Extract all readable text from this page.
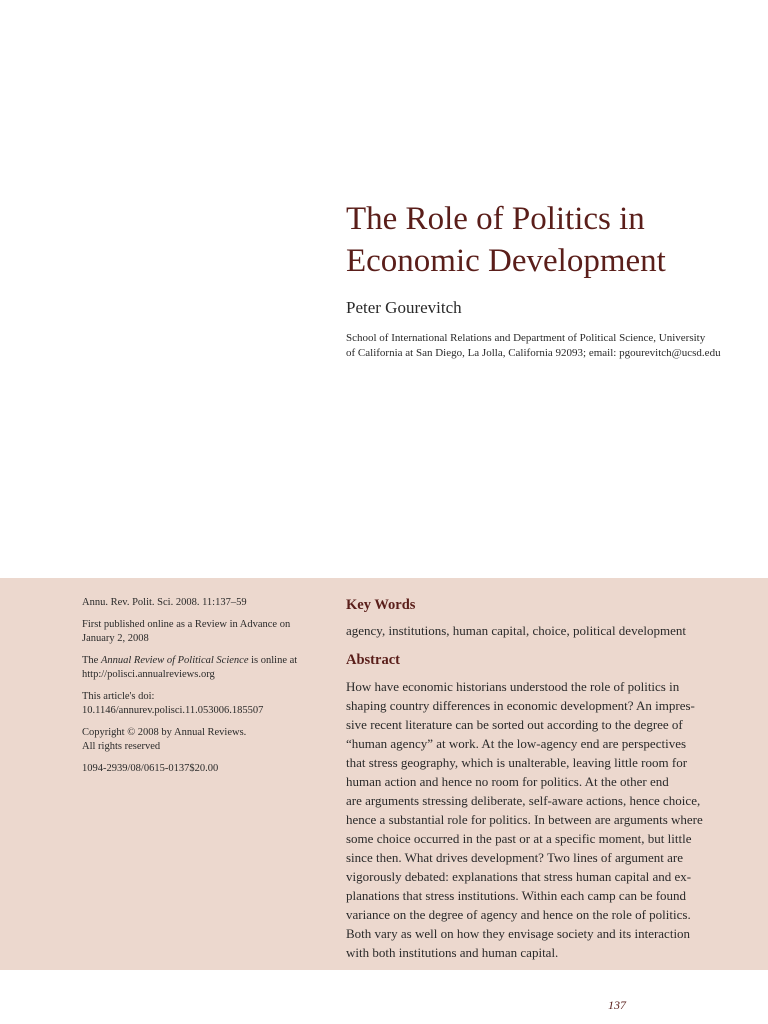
The Role of Politics in
Economic Development

Peter Gourevitch

School of International Relations and Department of Political Science, University
of California at San Diego, La Jolla, California 92093; email: pgourevitch@ucsd.edu

Annu. Rev. Polit. Sci. 2008. 11:137–59

First published online as a Review in Advance on
January 2, 2008

The Annual Review of Political Science is online at
http://polisci.annualreviews.org

This article's doi:
10.1146/annurev.polisci.11.053006.185507

Copyright © 2008 by Annual Reviews.
All rights reserved

1094-2939/08/0615-0137$20.00

Key Words

agency, institutions, human capital, choice, political development

Abstract

How have economic historians understood the role of politics in
shaping country differences in economic development? An impres-
sive recent literature can be sorted out according to the degree of
“human agency” at work. At the low-agency end are perspectives
that stress geography, which is unalterable, leaving little room for
human action and hence no room for politics. At the other end
are arguments stressing deliberate, self-aware actions, hence choice,
hence a substantial role for politics. In between are arguments where
some choice occurred in the past or at a specific moment, but little
since then. What drives development? Two lines of argument are
vigorously debated: explanations that stress human capital and ex-
planations that stress institutions. Within each camp can be found
variance on the degree of agency and hence on the role of politics.
Both vary as well on how they envisage society and its interaction
with both institutions and human capital.

137
